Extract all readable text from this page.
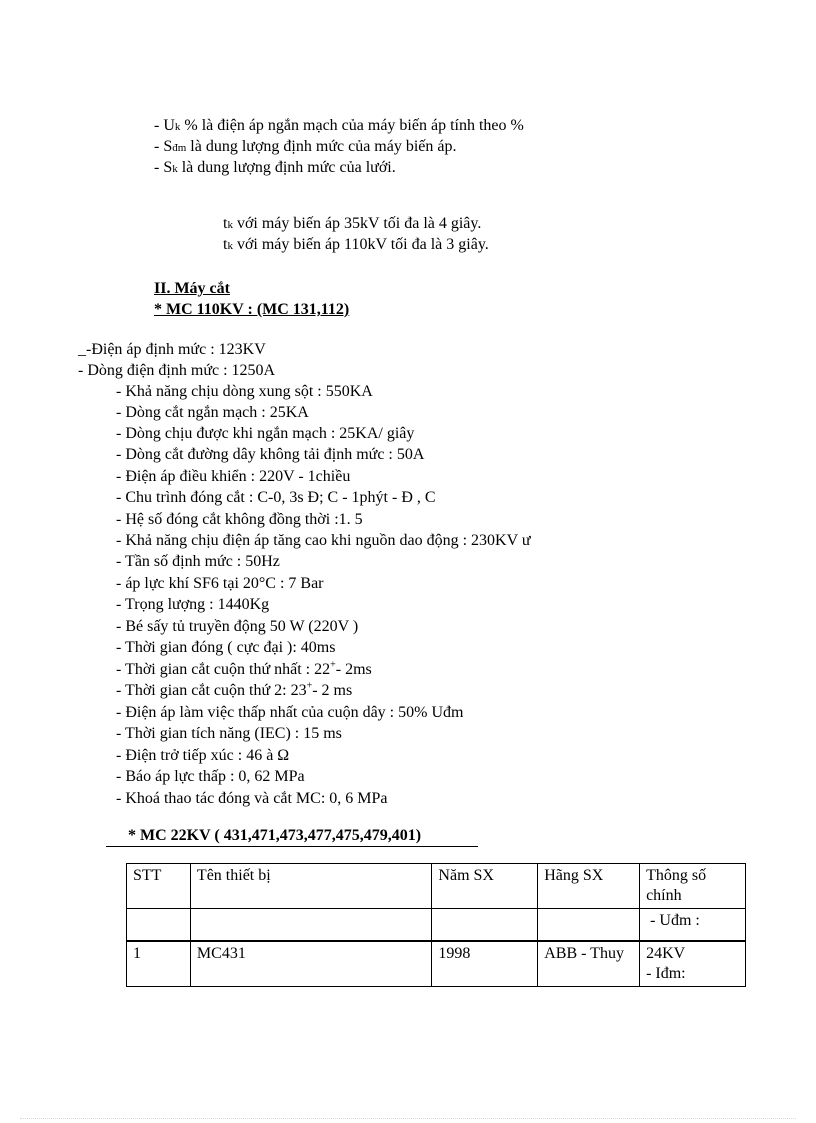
- Uk % là điện áp ngắn mạch của máy biến áp tính theo %
- Sđm là dung lượng định mức của máy biến áp.
- Sk là dung lượng định mức của lưới.
tk với máy biến áp 35kV tối đa là 4 giây.
tk với máy biến áp 110kV tối đa là 3 giây.
II. Máy cắt
* MC 110KV : (MC 131,112)
_-Điện áp định mức : 123KV
- Dòng điện định mức : 1250A
- Khả năng chịu dòng xung sột : 550KA
- Dòng cắt ngắn mạch : 25KA
- Dòng chịu được khi ngắn mạch : 25KA/ giây
- Dòng cắt đường dây không tải định mức : 50A
- Điện áp điều khiển : 220V - 1chiều
- Chu trình đóng cắt : C-0, 3s Đ; C - 1phýt - Đ , C
- Hệ số đóng cắt không đồng thời :1. 5
- Khả năng chịu điện áp tăng cao khi nguồn dao động : 230KV ư
- Tần số định mức : 50Hz
- áp lực khí SF6 tại 20°C : 7 Bar
- Trọng lượng : 1440Kg
- Bé sấy tủ truyền động 50 W (220V )
- Thời gian đóng ( cực đại ): 40ms
- Thời gian cắt cuộn thứ nhất : 22+- 2ms
- Thời gian cắt cuộn thứ 2: 23+- 2 ms
- Điện áp làm việc thấp nhất của cuộn dây : 50% Uđm
- Thời gian tích năng (IEC) : 15 ms
- Điện trở tiếp xúc : 46 à Ω
- Báo áp lực thấp : 0, 62 MPa
- Khoá thao tác đóng và cắt MC: 0, 6 MPa
* MC 22KV ( 431,471,473,477,475,479,401)
STT	Tên thiết bị	Năm SX	Hãng SX	Thông số chính
				- Uđm :
1	MC431	1998	ABB - Thuy	24KV
- Iđm:
